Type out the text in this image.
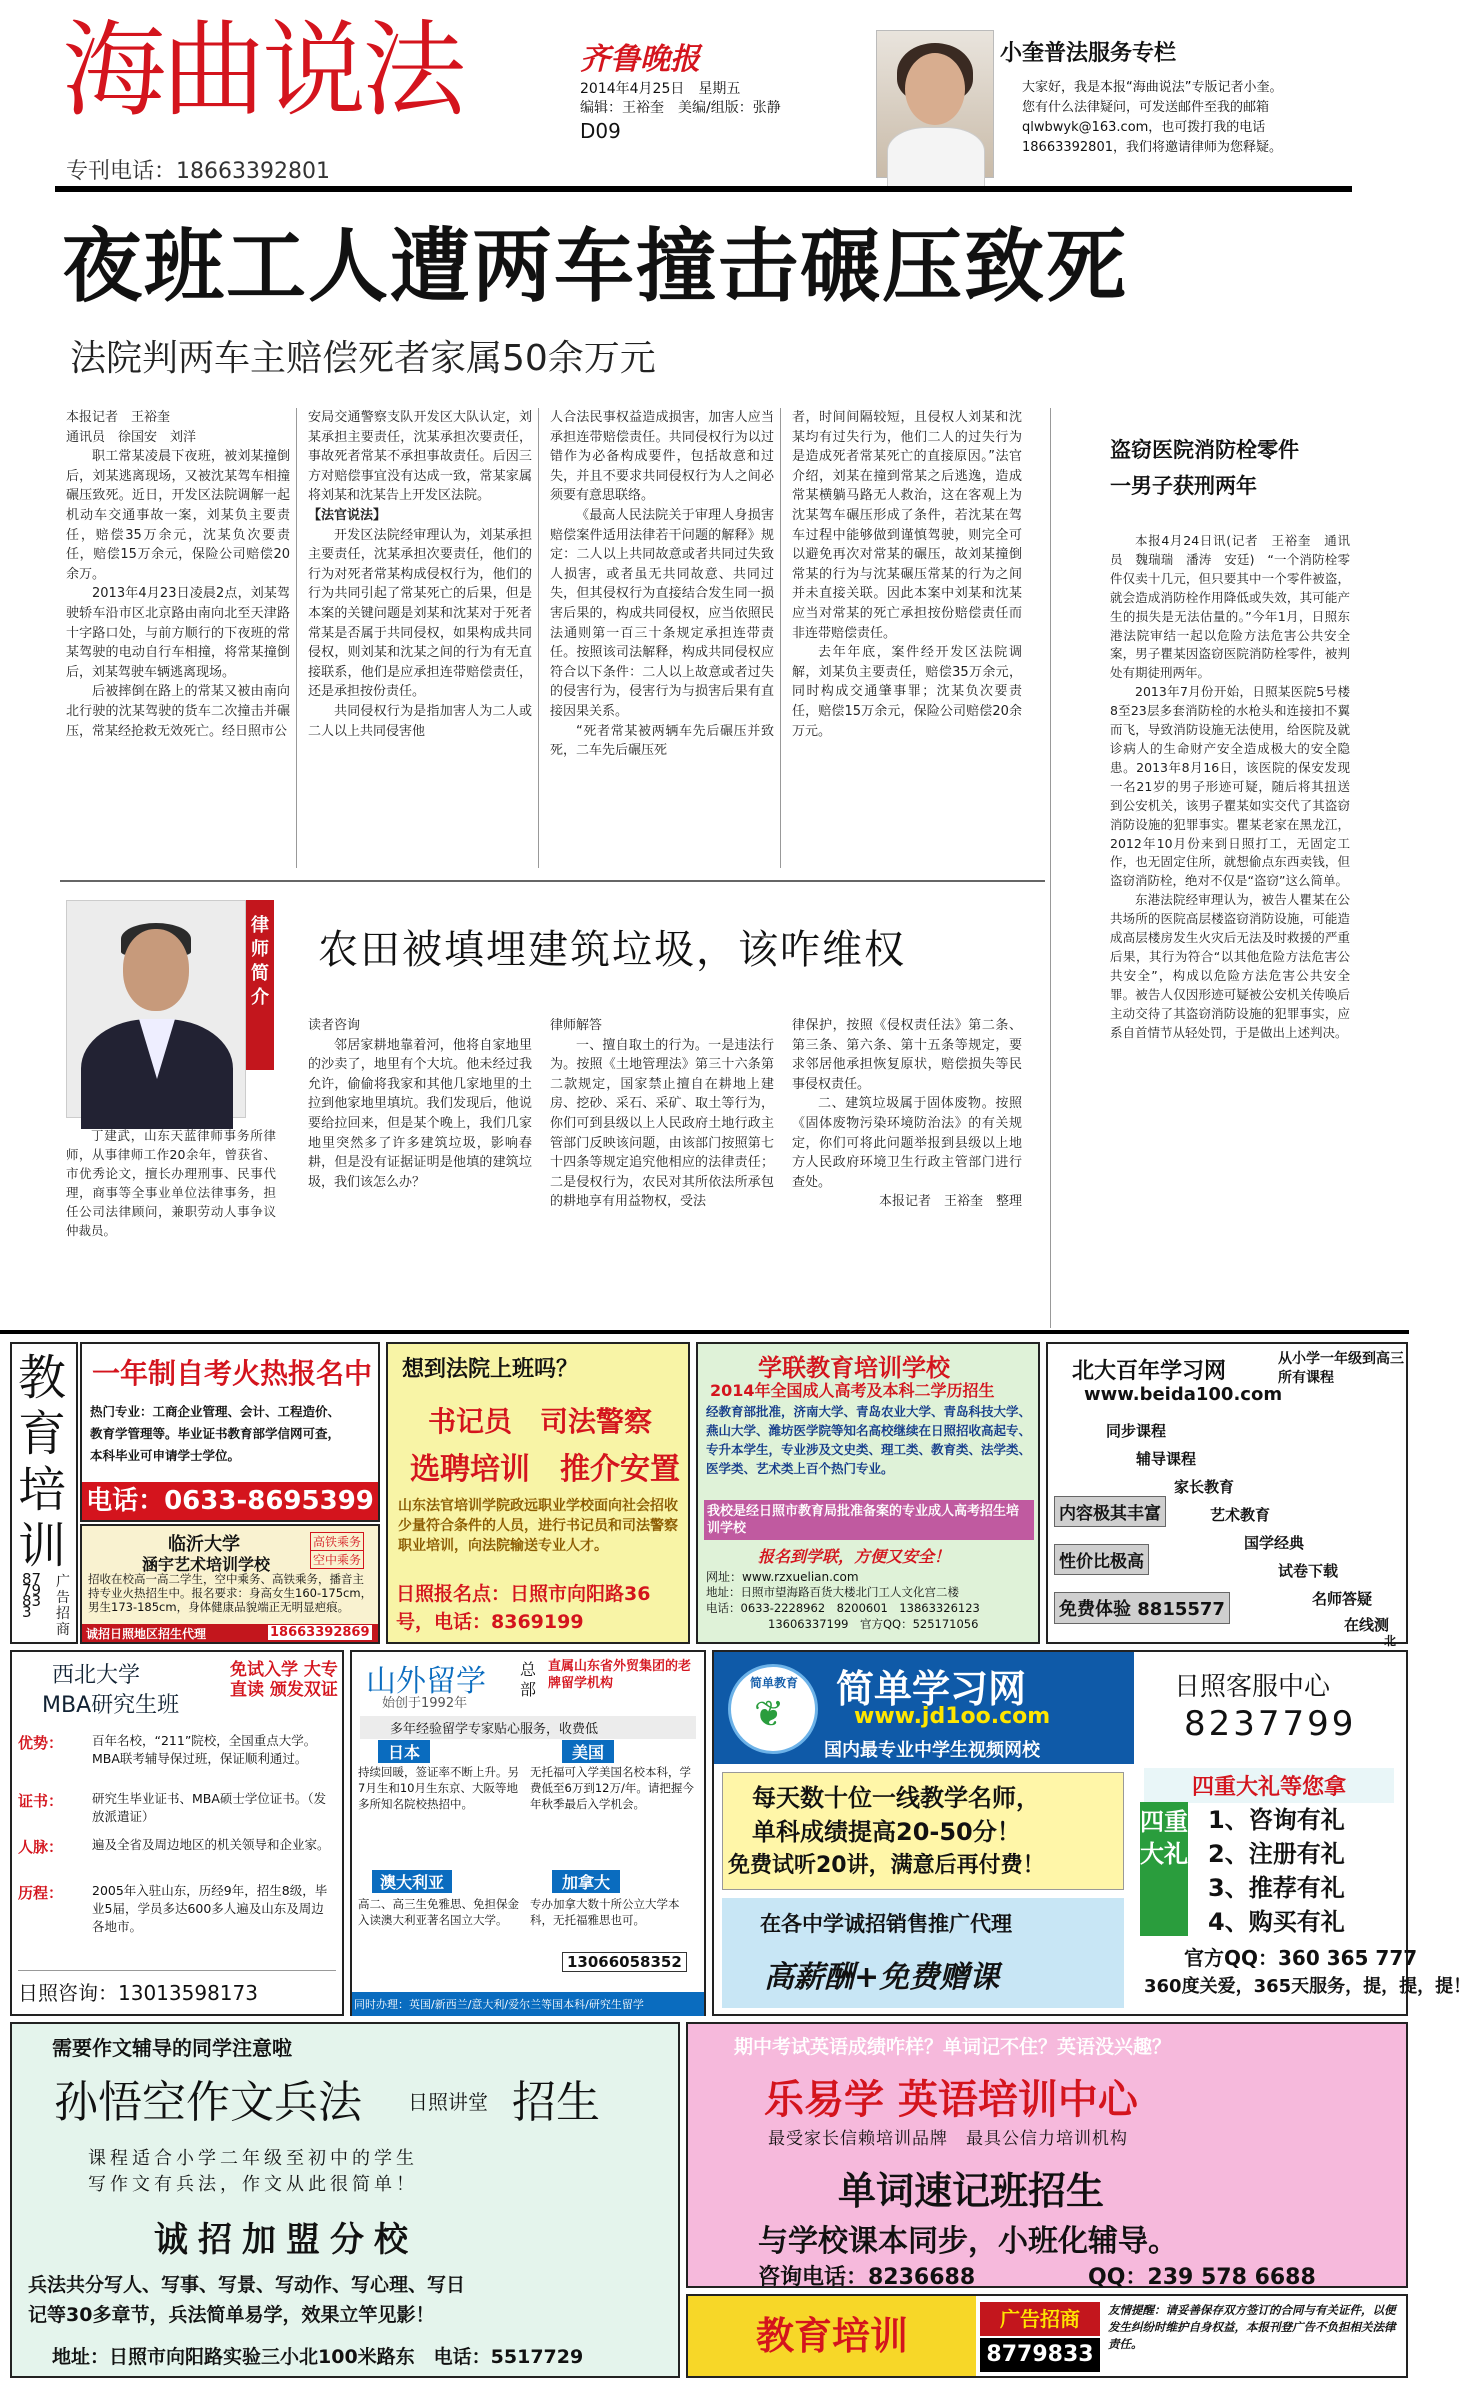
海曲说法	齐鲁晚报
2014年4月25日　星期五
编辑：王裕奎　美编/组版：张静
D09
专刊电话：18663392801
小奎普法服务专栏
大家好，我是本报“海曲说法”专版记者小奎。
您有什么法律疑问，可发送邮件至我的邮箱
qlwbwyk@163.com，也可拨打我的电话
18663392801，我们将邀请律师为您释疑。
夜班工人遭两车撞击碾压致死
法院判两车主赔偿死者家属50余万元

本报记者　王裕奎

通讯员　徐国安　刘洋

职工常某凌晨下夜班，被刘某撞倒后，刘某逃离现场，又被沈某驾车相撞碾压致死。近日，开发区法院调解一起机动车交通事故一案，刘某负主要责任，赔偿35万余元，沈某负次要责任，赔偿15万余元，保险公司赔偿20余万。

2013年4月23日凌晨2点，刘某驾驶轿车沿市区北京路由南向北至天津路十字路口处，与前方顺行的下夜班的常某驾驶的电动自行车相撞，将常某撞倒后，刘某驾驶车辆逃离现场。

后被摔倒在路上的常某又被由南向北行驶的沈某驾驶的货车二次撞击并碾压，常某经抢救无效死亡。经日照市公

安局交通警察支队开发区大队认定，刘某承担主要责任，沈某承担次要责任，事故死者常某不承担事故责任。后因三方对赔偿事宜没有达成一致，常某家属将刘某和沈某告上开发区法院。

【法官说法】

开发区法院经审理认为，刘某承担主要责任，沈某承担次要责任，他们的行为对死者常某构成侵权行为，他们的行为共同引起了常某死亡的后果，但是本案的关键问题是刘某和沈某对于死者常某是否属于共同侵权，如果构成共同侵权，则刘某和沈某之间的行为有无直接联系，他们是应承担连带赔偿责任，还是承担按份责任。

共同侵权行为是指加害人为二人或二人以上共同侵害他

人合法民事权益造成损害，加害人应当承担连带赔偿责任。共同侵权行为以过错作为必备构成要件，包括故意和过失，并且不要求共同侵权行为人之间必须要有意思联络。

《最高人民法院关于审理人身损害赔偿案件适用法律若干问题的解释》规定：二人以上共同故意或者共同过失致人损害，或者虽无共同故意、共同过失，但其侵权行为直接结合发生同一损害后果的，构成共同侵权，应当依照民法通则第一百三十条规定承担连带责任。按照该司法解释，构成共同侵权应符合以下条件：二人以上故意或者过失的侵害行为，侵害行为与损害后果有直接因果关系。

“死者常某被两辆车先后碾压并致死，二车先后碾压死

者，时间间隔较短，且侵权人刘某和沈某均有过失行为，他们二人的过失行为是造成死者常某死亡的直接原因。”法官介绍，刘某在撞到常某之后逃逸，造成常某横躺马路无人救治，这在客观上为沈某驾车碾压形成了条件，若沈某在驾车过程中能够做到谨慎驾驶，则完全可以避免再次对常某的碾压，故刘某撞倒常某的行为与沈某碾压常某的行为之间并未直接关联。因此本案中刘某和沈某应当对常某的死亡承担按份赔偿责任而非连带赔偿责任。

去年年底，案件经开发区法院调解，刘某负主要责任，赔偿35万余元，同时构成交通肇事罪；沈某负次要责任，赔偿15万余元，保险公司赔偿20余万元。

盗窃医院消防栓零件
一男子获刑两年

本报4月24日讯(记者　王裕奎　通讯员　魏瑞瑞　潘涛　安廷)　“一个消防栓零件仅卖十几元，但只要其中一个零件被盗，就会造成消防栓作用降低或失效，其可能产生的损失是无法估量的。”今年1月，日照东港法院审结一起以危险方法危害公共安全案，男子瞿某因盗窃医院消防栓零件，被判处有期徒刑两年。

2013年7月份开始，日照某医院5号楼8至23层多套消防栓的水枪头和连接扣不翼而飞，导致消防设施无法使用，给医院及就诊病人的生命财产安全造成极大的安全隐患。2013年8月16日，该医院的保安发现一名21岁的男子形迹可疑，随后将其扭送到公安机关，该男子瞿某如实交代了其盗窃消防设施的犯罪事实。瞿某老家在黑龙江，2012年10月份来到日照打工，无固定工作，也无固定住所，就想偷点东西卖钱，但盗窃消防栓，绝对不仅是“盗窃”这么简单。

东港法院经审理认为，被告人瞿某在公共场所的医院高层楼盗窃消防设施，可能造成高层楼房发生火灾后无法及时救援的严重后果，其行为符合“以其他危险方法危害公共安全”，构成以危险方法危害公共安全罪。被告人仅因形迹可疑被公安机关传唤后主动交待了其盗窃消防设施的犯罪事实，应系自首情节从轻处罚，于是做出上述判决。

律师简介

丁建武，山东天蓝律师事务所律师，从事律师工作20余年，曾获省、市优秀论文，擅长办理刑事、民事代理，商事等全事业单位法律事务，担任公司法律顾问，兼职劳动人事争议仲裁员。

农田被填埋建筑垃圾，该咋维权

读者咨询

邻居家耕地靠着河，他将自家地里的沙卖了，地里有个大坑。他未经过我允许，偷偷将我家和其他几家地里的土拉到他家地里填坑。我们发现后，他说要给拉回来，但是某个晚上，我们几家地里突然多了许多建筑垃圾，影响春耕，但是没有证据证明是他填的建筑垃圾，我们该怎么办？

律师解答

一、擅自取土的行为。一是违法行为。按照《土地管理法》第三十六条第二款规定，国家禁止擅自在耕地上建房、挖砂、采石、采矿、取土等行为，你们可到县级以上人民政府土地行政主管部门反映该问题，由该部门按照第七十四条等规定追究他相应的法律责任；二是侵权行为，农民对其所依法所承包的耕地享有用益物权，受法

律保护，按照《侵权责任法》第二条、第三条、第六条、第十五条等规定，要求邻居他承担恢复原状，赔偿损失等民事侵权责任。

二、建筑垃圾属于固体废物。按照《固体废物污染环境防治法》的有关规定，你们可将此问题举报到县级以上地方人民政府环境卫生行政主管部门进行查处。

本报记者　王裕奎　整理

教育培训
广告招商
8779833
一年制自考火热报名中
热门专业：工商企业管理、会计、工程造价、
教育学管理等。毕业证书教育部学信网可查，
本科毕业可申请学士学位。
电话：0633-8695399
临沂大学
涵宇艺术培训学校
高铁乘务
空中乘务
招收在校高一高二学生，空中乘务、高铁乘务，播音主持专业火热招生中。报名要求：身高女生160-175cm，男生173-185cm，身体健康品貌端正无明显疤痕。
诚招日照地区招生代理	18663392869
想到法院上班吗？
书记员　司法警察
选聘培训　推介安置
山东法官培训学院政远职业学校面向社会招收少量符合条件的人员，进行书记员和司法警察职业培训，向法院输送专业人才。
日照报名点：日照市向阳路36号，电话：8369199
学联教育培训学校
2014年全国成人高考及本科二学历招生
经教育部批准，济南大学、青岛农业大学、青岛科技大学、燕山大学、潍坊医学院等知名高校继续在日照招收高起专、专升本学生，专业涉及文史类、理工类、教育类、法学类、医学类、艺术类上百个热门专业。
我校是经日照市教育局批准备案的专业成人高考招生培训学校
报名到学联，方便又安全！
网址：www.rzxuelian.com
地址：日照市望海路百货大楼北门工人文化宫二楼
电话：0633-2228962　8200601　13863326123
13606337199　官方QQ：525171056
北大百年学习网	从小学一年级到高三所有课程
www.beida100.com
同步课程
辅导课程
家长教育
艺术教育
国学经典
试卷下载
名师答疑
在线测
北
内容极其丰富
性价比极高
免费体验 8815577
西北大学
MBA研究生班
免试入学 大专直读 颁发双证
优势： 百年名校，“211”院校，全国重点大学。MBA联考辅导保过班，保证顺利通过。
证书： 研究生毕业证书、MBA硕士学位证书。（发放派遣证）
人脉： 遍及全省及周边地区的机关领导和企业家。
历程： 2005年入驻山东，历经9年，招生8级，毕业5届，学员多达600多人遍及山东及周边各地市。
日照咨询：13013598173
山外留学
始创于1992年
总部
直属山东省外贸集团的老牌留学机构
多年经验留学专家贴心服务，收费低
日本
持续回暖，签证率不断上升。另7月生和10月生东京、大阪等地多所知名院校热招中。
美国
无托福可入学美国名校本科，学费低至6万到12万/年。请把握今年秋季最后入学机会。
澳大利亚
高二、高三生免雅思、免担保金入读澳大利亚著名国立大学。
加拿大
专办加拿大数十所公立大学本科，无托福雅思也可。
13066058352
同时办理：英国/新西兰/意大利/爱尔兰等国本科/研究生留学
简单教育
❦
简单学习网
www.jd1oo.com
国内最专业中学生视频网校
日照客服中心
8237799
每天数十位一线教学名师，
单科成绩提高20-50分！
免费试听20讲，满意后再付费！
在各中学诚招销售推广代理
高薪酬+免费赠课
四重大礼等您拿
四重大礼
1、咨询有礼
2、注册有礼
3、推荐有礼
4、购买有礼
官方QQ：360 365 777
360度关爱，365天服务，提，提，提！
需要作文辅导的同学注意啦
孙悟空作文兵法 日照讲堂 招生
课程适合小学二年级至初中的学生
写作文有兵法，作文从此很简单！
诚招加盟分校
兵法共分写人、写事、写景、写动作、写心理、写日
记等30多章节，兵法简单易学，效果立竿见影！
地址：日照市向阳路实验三小北100米路东　电话：5517729
期中考试英语成绩咋样？单词记不住？英语没兴趣？
乐易学 英语培训中心
最受家长信赖培训品牌　最具公信力培训机构
单词速记班招生
与学校课本同步，小班化辅导。
咨询电话：8236688	QQ：239 578 6688
教育培训	广告招商
8779833
友情提醒：请妥善保存双方签订的合同与有关证件，以便发生纠纷时维护自身权益，本报刊登广告不负担相关法律责任。
